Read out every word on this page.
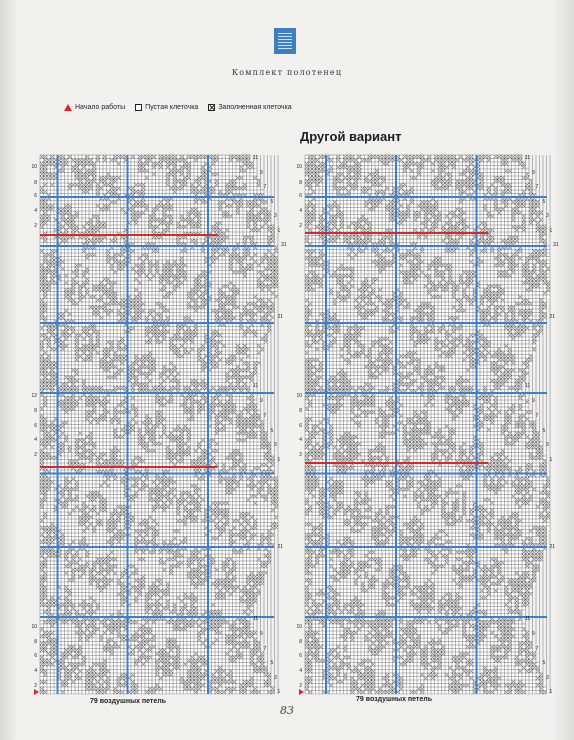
Комплект полотенец
Начало работы	Пустая клеточка	Заполненная клеточка
Другой вариант
10
8
6
4
2
12
8
6
4
2
10
8
6
4
2
11
9
7
5
3
1
31
21
11
9
7
5
3
1
21
11
9
7
5
3
1
10
8
6
4
2
10
8
6
4
2
10
8
6
4
2
11
9
7
5
3
1
31
21
11
9
7
5
3
1
21
11
9
7
5
3
1
79 воздушных петель	79 воздушных петель
83
